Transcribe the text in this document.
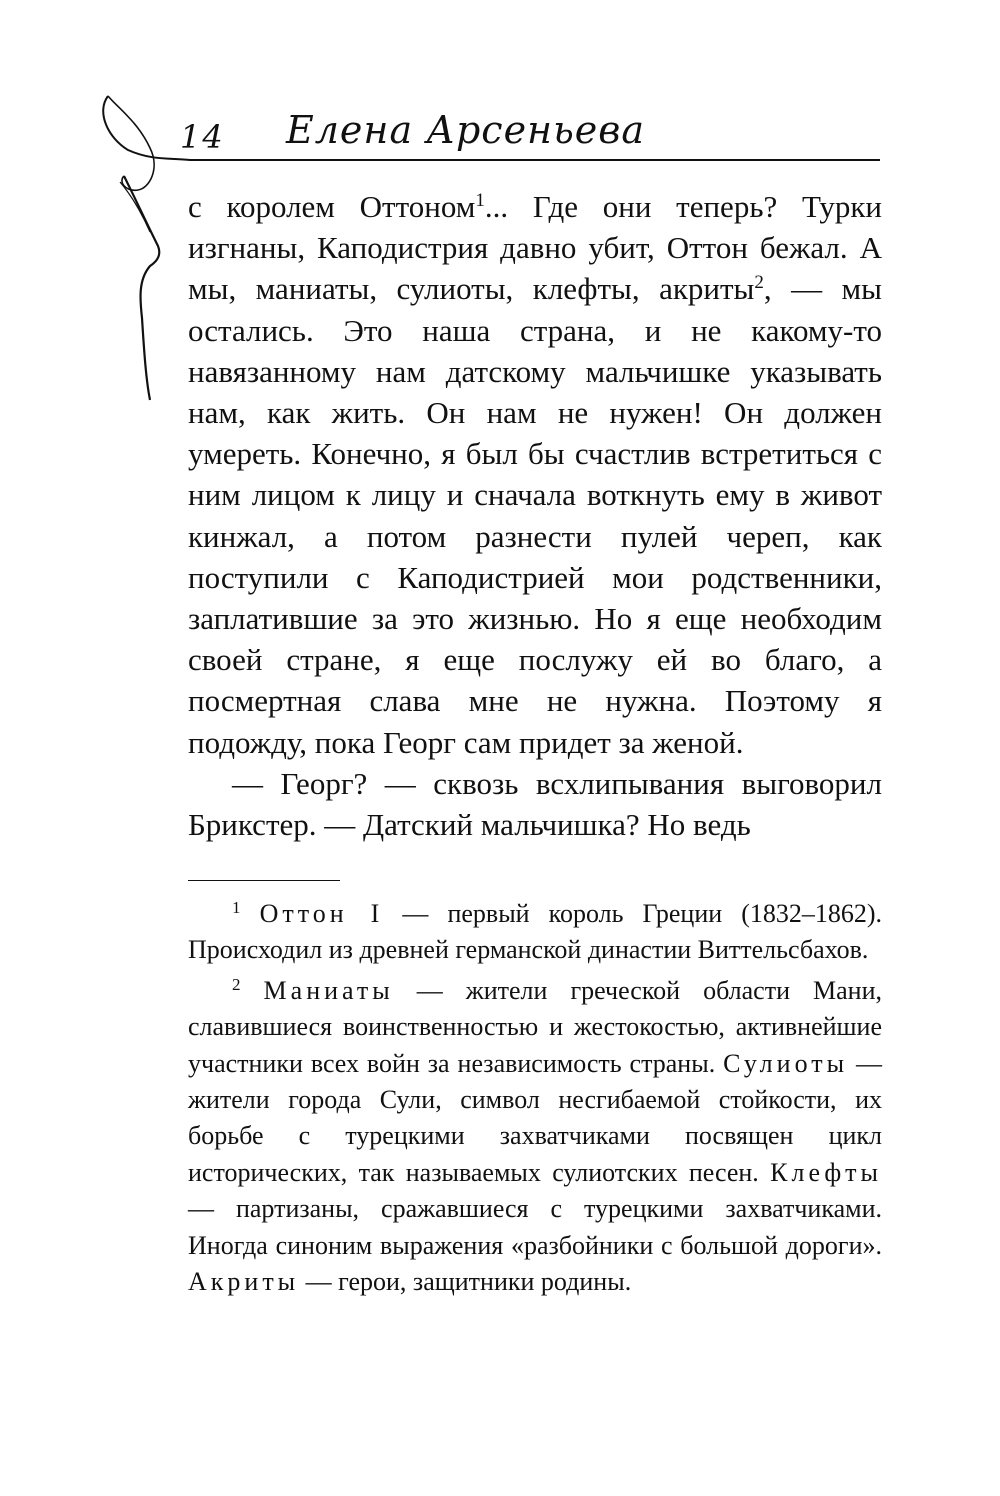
14 Елена Арсеньева

с королем Оттоном$^1$... Где они теперь? Турки изгнаны, Каподистрия давно убит, Оттон бежал. А мы, маниаты, сулиоты, клефты, акриты$^2$, — мы остались. Это наша страна, и не какому-то навязанному нам датскому мальчишке указывать нам, как жить. Он нам не нужен! Он должен умереть. Конечно, я был бы счастлив встретиться с ним лицом к лицу и сначала воткнуть ему в живот кинжал, а потом разнести пулей череп, как поступили с Каподистрией мои родственники, заплатившие за это жизнью. Но я еще необходим своей стране, я еще послужу ей во благо, а посмертная слава мне не нужна. Поэтому я подожду, пока Георг сам придет за женой.

— Георг? — сквозь всхлипывания выговорил Брикстер. — Датский мальчишка? Но ведь

$^1$ Оттон I — первый король Греции (1832–1862). Происходил из древней германской династии Виттельсбахов.

$^2$ Маниаты — жители греческой области Мани, славившиеся воинственностью и жестокостью, активнейшие участники всех войн за независимость страны. Сулиоты — жители города Сули, символ несгибаемой стойкости, их борьбе с турецкими захватчиками посвящен цикл исторических, так называемых сулиотских песен. Клефты — партизаны, сражавшиеся с турецкими захватчиками. Иногда синоним выражения «разбойники с большой дороги». Акриты — герои, защитники родины.
